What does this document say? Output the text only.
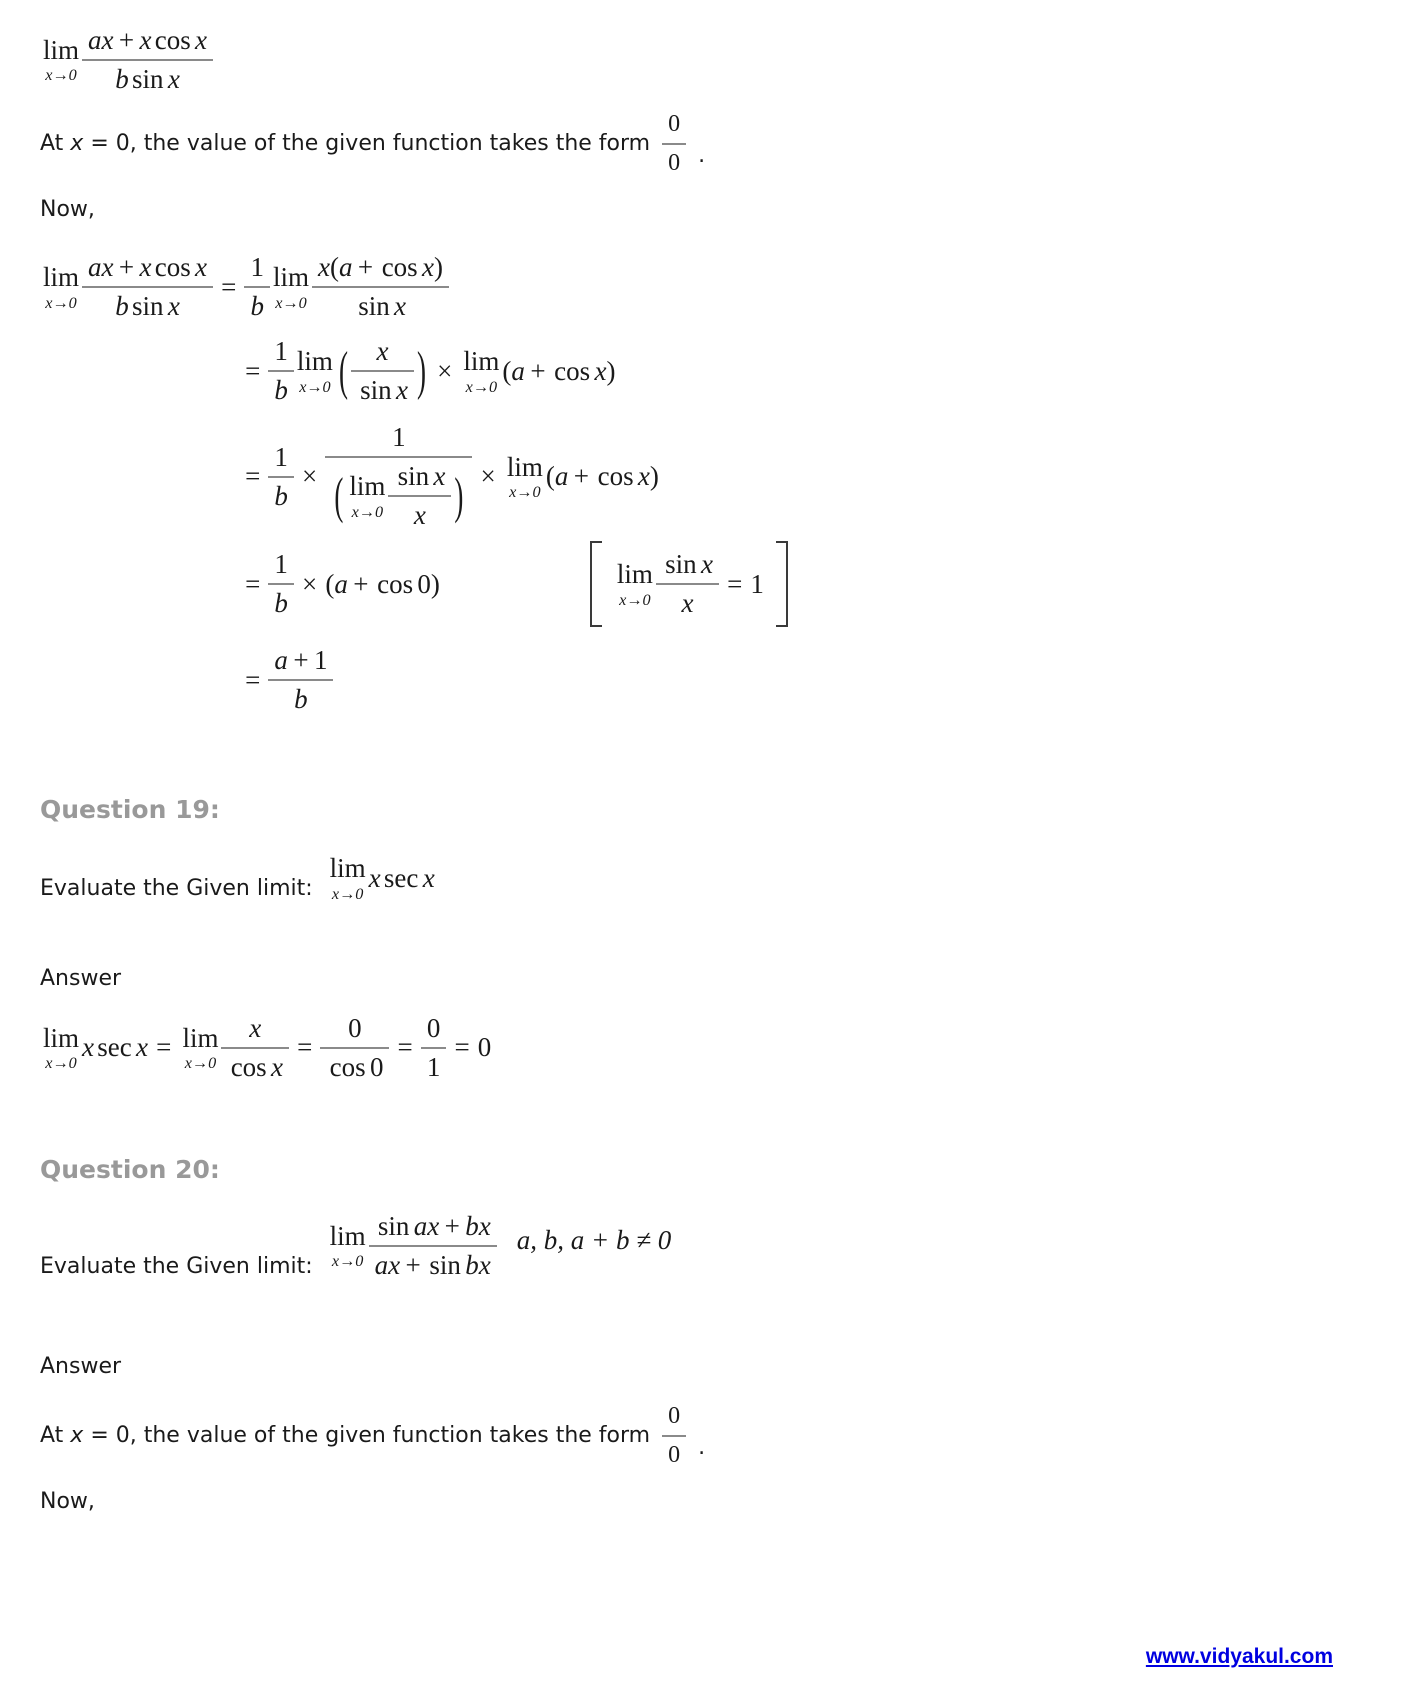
lim
$x\to 0 \frac{\text{ax + x cos x}}{\text{b sin x}}$
At x = 0, the value of the given function takes the form $\frac{0}{0}$ .

Now,

lim
$x\to 0 \frac{\text{ax + x cos x}}{\text{b sin x}} = \frac{1}{b}$ lim
$x\to 0 \frac{\text{x(a + cos x)}}{\text{sin x}}$
= $\frac{1}{b}$ lim
x→0 ( $\frac{x}{\text{sin x}}$ ) × lim
x→0
(a + cos x)
= $\frac{1}{b}$ ×
1
( lim
$x\to 0 \frac{\text{sin x}}{x}$ ) × lim
x→0
(a + cos x)
= $\frac{1}{b} \times (a + \cos 0)$	lim
$x\to 0 \frac{\text{sin x}}{x} = 1$
= $\frac{a + 1}{b}$
Question 19:
Evaluate the Given limit:
lim
x→0
x sec x

Answer

lim
x→0
x sec x = lim
$x\to 0 \frac{x}{\text{cos x}} = \frac{0}{\cos 0} = \frac{0}{1} = 0$
Question 20:
Evaluate the Given limit:
lim
$x\to 0 \frac{\text{sin ax + bx}}{\text{ax + sin bx}} a$, b, a + b ≠ 0

Answer

At x = 0, the value of the given function takes the form $\frac{0}{0}$ .

Now,

www.vidyakul.com
